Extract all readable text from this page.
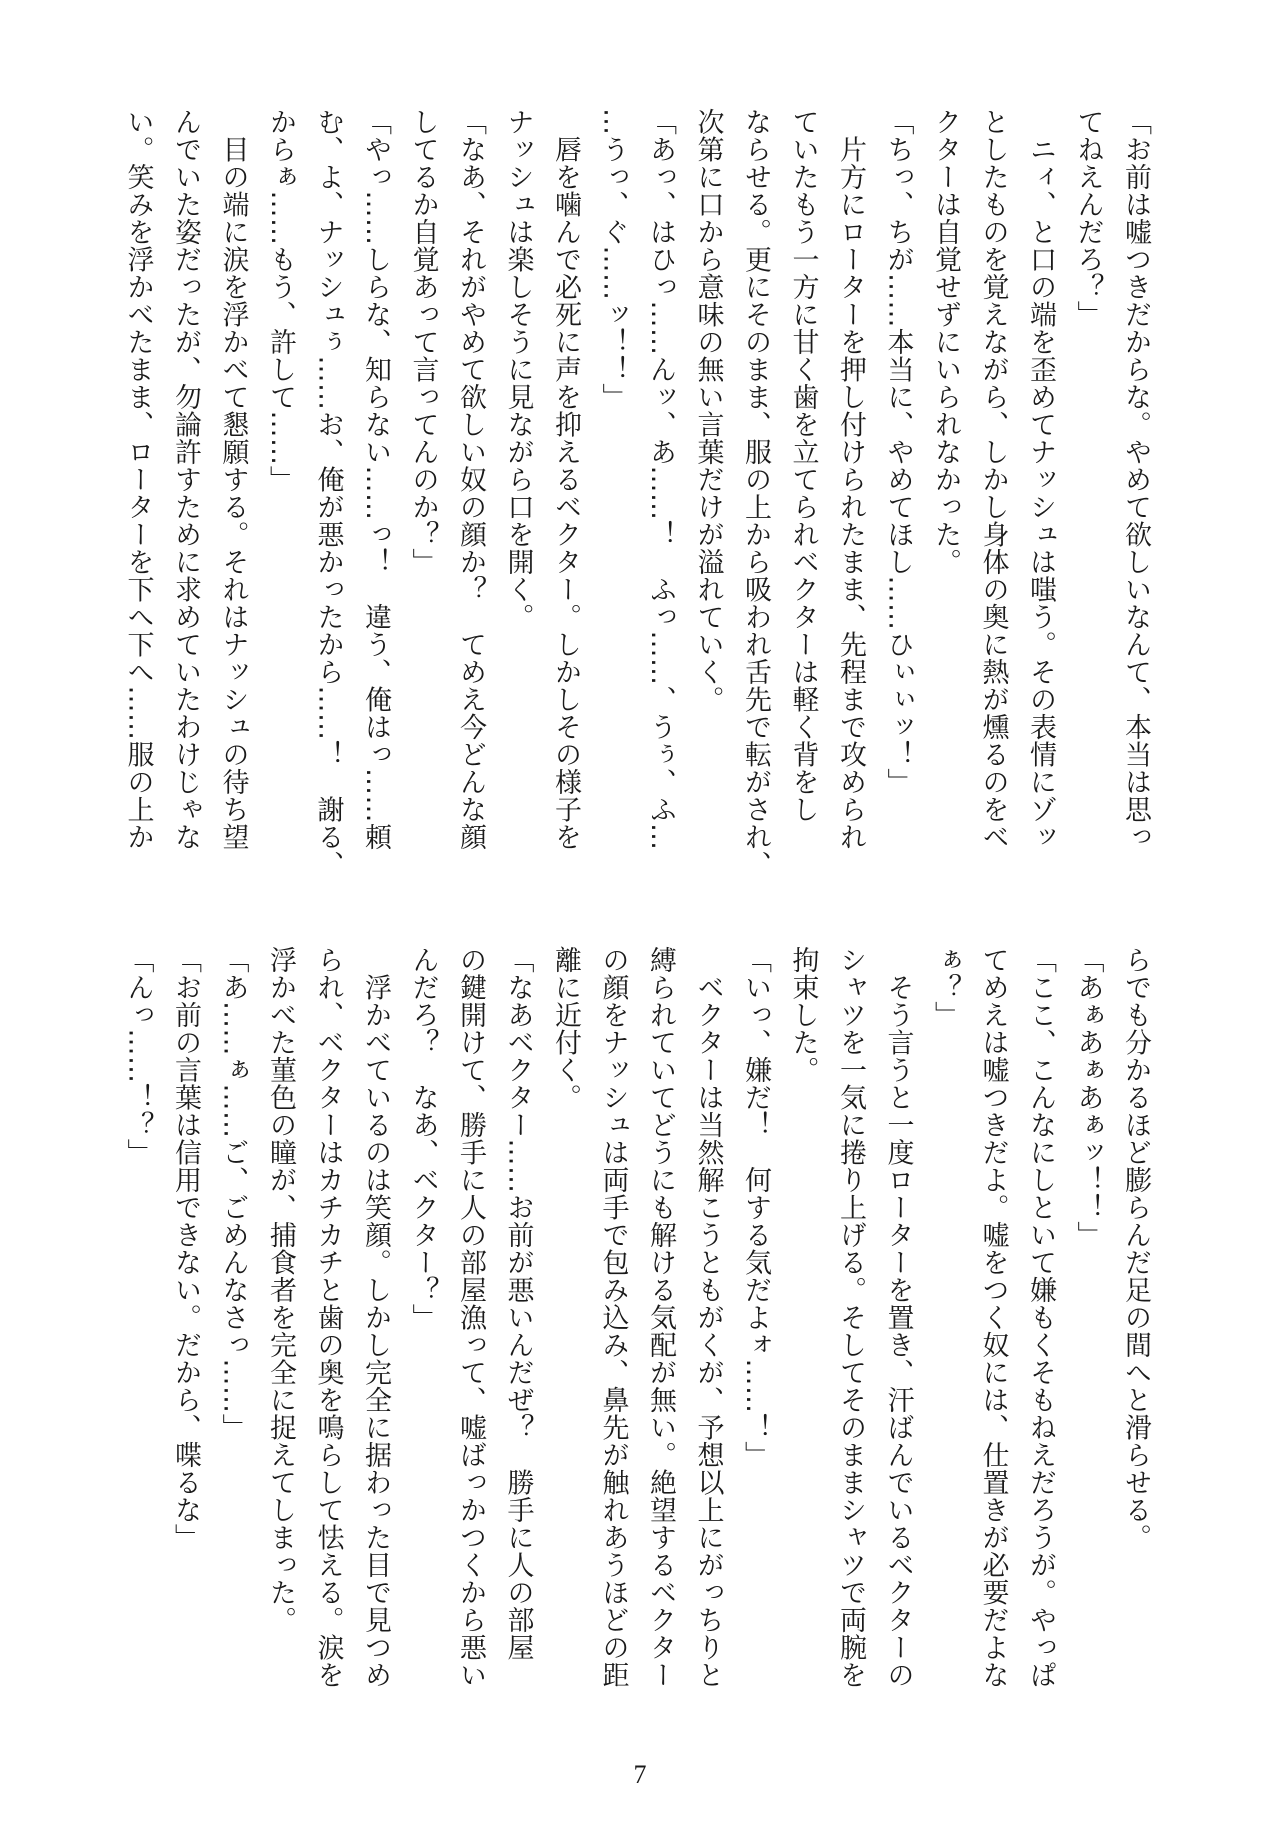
「お前は嘘つきだからな。やめて欲しいなんて、本当は思っ
てねえんだろ？」
　ニィ、と口の端を歪めてナッシュは嗤う。その表情にゾッ
としたものを覚えながら、しかし身体の奥に熱が燻るのをベ
クターは自覚せずにいられなかった。
「ちっ、ちが……本当に、やめてほし……ひぃぃッ！」
　片方にローターを押し付けられたまま、先程まで攻められ
ていたもう一方に甘く歯を立てられベクターは軽く背をし
ならせる。更にそのまま、服の上から吸われ舌先で転がされ、
次第に口から意味の無い言葉だけが溢れていく。
「あっ、はひっ……んッ、あ……！　ふっ……、うぅ、ふ…
…うっ、ぐ……ッ！！」
　唇を噛んで必死に声を抑えるベクター。しかしその様子を
ナッシュは楽しそうに見ながら口を開く。
「なあ、それがやめて欲しい奴の顔か？　てめえ今どんな顔
してるか自覚あって言ってんのか？」
「やっ……しらな、知らない……っ！　違う、俺はっ……頼
む、よ、ナッシュぅ……お、俺が悪かったから……！　謝る、
からぁ……もう、許して……」
　目の端に涙を浮かべて懇願する。それはナッシュの待ち望
んでいた姿だったが、勿論許すために求めていたわけじゃな
い。笑みを浮かべたまま、ローターを下へ下へ……服の上か
らでも分かるほど膨らんだ足の間へと滑らせる。
「あぁあぁあぁッ！！」
「ここ、こんなにしといて嫌もくそもねえだろうが。やっぱ
てめえは嘘つきだよ。嘘をつく奴には、仕置きが必要だよな
ぁ？」
　そう言うと一度ローターを置き、汗ばんでいるベクターの
シャツを一気に捲り上げる。そしてそのままシャツで両腕を
拘束した。
「いっ、嫌だ！　何する気だよォ……！」
　ベクターは当然解こうともがくが、予想以上にがっちりと
縛られていてどうにも解ける気配が無い。絶望するベクター
の顔をナッシュは両手で包み込み、鼻先が触れあうほどの距
離に近付く。
「なあベクター……お前が悪いんだぜ？　勝手に人の部屋
の鍵開けて、勝手に人の部屋漁って、嘘ばっかつくから悪い
んだろ？　なあ、ベクター？」
　浮かべているのは笑顔。しかし完全に据わった目で見つめ
られ、ベクターはカチカチと歯の奥を鳴らして怯える。涙を
浮かべた菫色の瞳が、捕食者を完全に捉えてしまった。
「あ……ぁ……ご、ごめんなさっ……」
「お前の言葉は信用できない。だから、喋るな」
「んっ……！？」
7
